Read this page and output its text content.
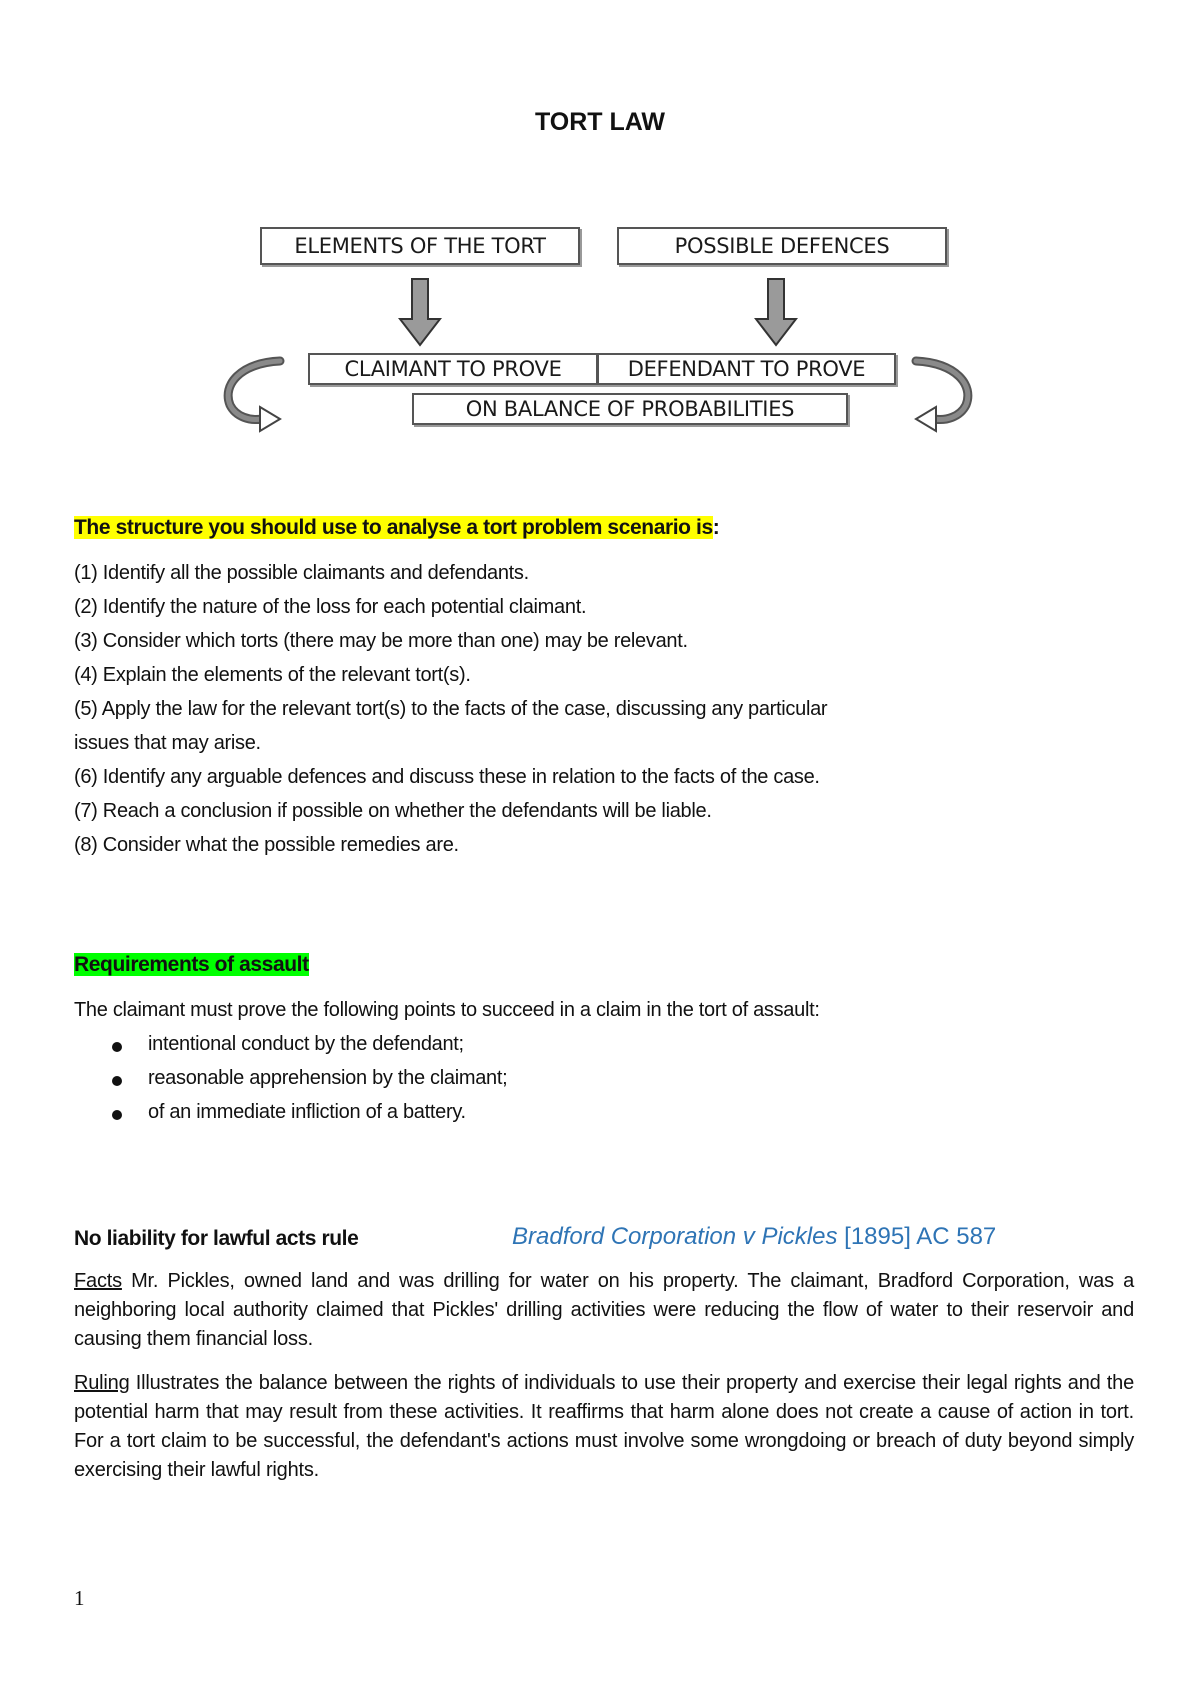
TORT LAW
ELEMENTS OF THE TORT	POSSIBLE DEFENCES
CLAIMANT TO PROVE	DEFENDANT TO PROVE
ON BALANCE OF PROBABILITIES
The structure you should use to analyse a tort problem scenario is:
(1) Identify all the possible claimants and defendants.
(2) Identify the nature of the loss for each potential claimant.
(3) Consider which torts (there may be more than one) may be relevant.
(4) Explain the elements of the relevant tort(s).
(5) Apply the law for the relevant tort(s) to the facts of the case, discussing any particular
issues that may arise.
(6) Identify any arguable defences and discuss these in relation to the facts of the case.
(7) Reach a conclusion if possible on whether the defendants will be liable.
(8) Consider what the possible remedies are.
Requirements of assault
The claimant must prove the following points to succeed in a claim in the tort of assault:
intentional conduct by the defendant;
reasonable apprehension by the claimant;
of an immediate infliction of a battery.
No liability for lawful acts rule	Bradford Corporation v Pickles [1895] AC 587
Facts Mr. Pickles, owned land and was drilling for water on his property. The claimant, Bradford Corporation, was a neighboring local authority claimed that Pickles' drilling activities were reducing the flow of water to their reservoir and causing them financial loss.
Ruling Illustrates the balance between the rights of individuals to use their property and exercise their legal rights and the potential harm that may result from these activities. It reaffirms that harm alone does not create a cause of action in tort. For a tort claim to be successful, the defendant's actions must involve some wrongdoing or breach of duty beyond simply exercising their lawful rights.
1
